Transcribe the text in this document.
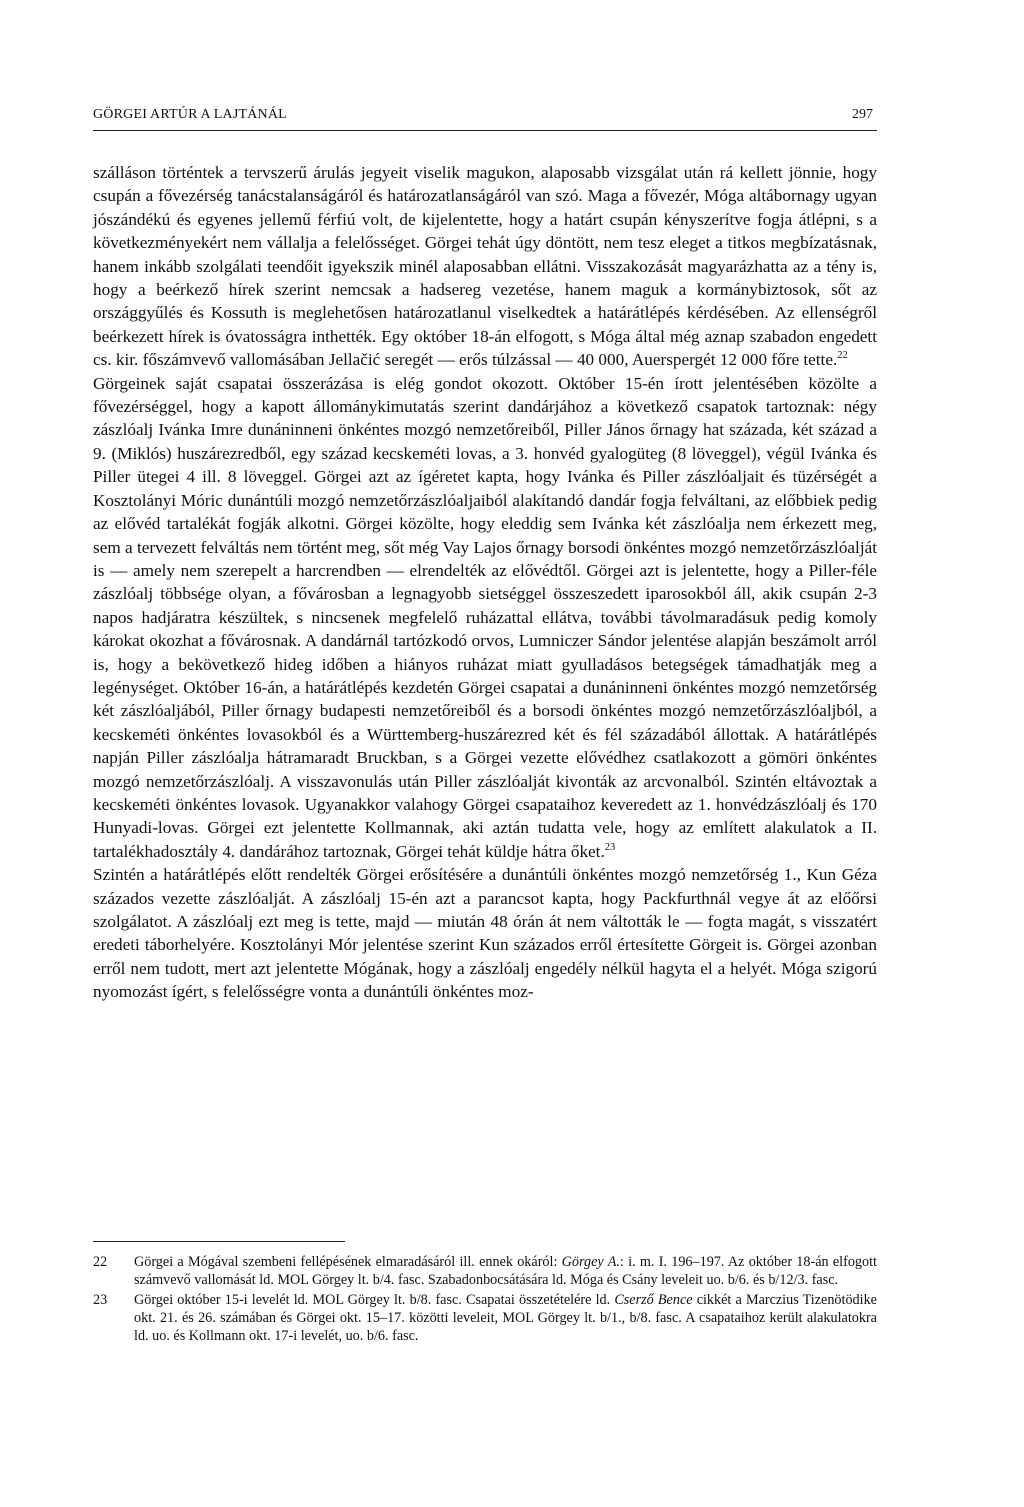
GÖRGEI ARTÚR A LAJTÁNÁL	297

szálláson történtek a tervszerű árulás jegyeit viselik magukon, alaposabb vizsgálat után rá kellett jönnie, hogy csupán a fővezérség tanácstalanságáról és határozatlanságáról van szó. Maga a fővezér, Móga altábornagy ugyan jószándékú és egyenes jellemű férfiú volt, de kijelentette, hogy a határt csupán kényszerítve fogja átlépni, s a következményekért nem vállalja a felelősséget. Görgei tehát úgy döntött, nem tesz eleget a titkos megbízatásnak, hanem inkább szolgálati teendőit igyekszik minél alaposabban ellátni. Visszakozását magyarázhatta az a tény is, hogy a beérkező hírek szerint nemcsak a hadsereg vezetése, hanem maguk a kormánybiztosok, sőt az országgyűlés és Kossuth is meglehetősen határozatlanul viselkedtek a határátlépés kérdésében. Az ellenségről beérkezett hírek is óvatosságra inthették. Egy október 18-án elfogott, s Móga által még aznap szabadon engedett cs. kir. főszámvevő vallomásában Jellačić seregét — erős túlzással — 40 000, Auerspergét 12 000 főre tette.$^{22}$

Görgeinek saját csapatai összerázása is elég gondot okozott. Október 15-én írott jelentésében közölte a fővezérséggel, hogy a kapott állománykimutatás szerint dandárjához a következő csapatok tartoznak: négy zászlóalj Ivánka Imre dunáninneni önkéntes mozgó nemzetőreiből, Piller János őrnagy hat százada, két század a 9. (Miklós) huszárezredből, egy század kecskeméti lovas, a 3. honvéd gyalogüteg (8 löveggel), végül Ivánka és Piller ütegei 4 ill. 8 löveggel. Görgei azt az ígéretet kapta, hogy Ivánka és Piller zászlóaljait és tüzérségét a Kosztolányi Móric dunántúli mozgó nemzetőrzászlóaljaiból alakítandó dandár fogja felváltani, az előbbiek pedig az elővéd tartalékát fogják alkotni. Görgei közölte, hogy eleddig sem Ivánka két zászlóalja nem érkezett meg, sem a tervezett felváltás nem történt meg, sőt még Vay Lajos őrnagy borsodi önkéntes mozgó nemzetőrzászlóalját is — amely nem szerepelt a harcrendben — elrendelték az elővédtől. Görgei azt is jelentette, hogy a Piller-féle zászlóalj többsége olyan, a fővárosban a legnagyobb sietséggel összeszedett iparosokból áll, akik csupán 2-3 napos hadjáratra készültek, s nincsenek megfelelő ruházattal ellátva, további távolmaradásuk pedig komoly károkat okozhat a fővárosnak. A dandárnál tartózkodó orvos, Lumniczer Sándor jelentése alapján beszámolt arról is, hogy a bekövetkező hideg időben a hiányos ruházat miatt gyulladásos betegségek támadhatják meg a legénységet. Október 16-án, a határátlépés kezdetén Görgei csapatai a dunáninneni önkéntes mozgó nemzetőrség két zászlóaljából, Piller őrnagy budapesti nemzetőreiből és a borsodi önkéntes mozgó nemzetőrzászlóaljból, a kecskeméti önkéntes lovasokból és a Württemberg-huszárezred két és fél századából állottak. A határátlépés napján Piller zászlóalja hátramaradt Bruckban, s a Görgei vezette elővédhez csatlakozott a gömöri önkéntes mozgó nemzetőrzászlóalj. A visszavonulás után Piller zászlóalját kivonták az arcvonalból. Szintén eltávoztak a kecskeméti önkéntes lovasok. Ugyanakkor valahogy Görgei csapataihoz keveredett az 1. honvédzászlóalj és 170 Hunyadi-lovas. Görgei ezt jelentette Kollmannak, aki aztán tudatta vele, hogy az említett alakulatok a II. tartalékhadosztály 4. dandárához tartoznak, Görgei tehát küldje hátra őket.$^{23}$

Szintén a határátlépés előtt rendelték Görgei erősítésére a dunántúli önkéntes mozgó nemzetőrség 1., Kun Géza százados vezette zászlóalját. A zászlóalj 15-én azt a parancsot kapta, hogy Packfurthnál vegye át az előőrsi szolgálatot. A zászlóalj ezt meg is tette, majd — miután 48 órán át nem váltották le — fogta magát, s visszatért eredeti táborhelyére. Kosztolányi Mór jelentése szerint Kun százados erről értesítette Görgeit is. Görgei azonban erről nem tudott, mert azt jelentette Mógának, hogy a zászlóalj engedély nélkül hagyta el a helyét. Móga szigorú nyomozást ígért, s felelősségre vonta a dunántúli önkéntes moz-

22 Görgei a Mógával szembeni fellépésének elmaradásáról ill. ennek okáról: Görgey A.: i. m. I. 196–197. Az október 18-án elfogott számvevő vallomását ld. MOL Görgey lt. b/4. fasc. Szabadonbocsátására ld. Móga és Csány leveleit uo. b/6. és b/12/3. fasc.

23 Görgei október 15-i levelét ld. MOL Görgey lt. b/8. fasc. Csapatai összetételére ld. Cserző Bence cikkét a Marczius Tizenötödike okt. 21. és 26. számában és Görgei okt. 15–17. közötti leveleit, MOL Görgey lt. b/1., b/8. fasc. A csapataihoz került alakulatokra ld. uo. és Kollmann okt. 17-i levelét, uo. b/6. fasc.
